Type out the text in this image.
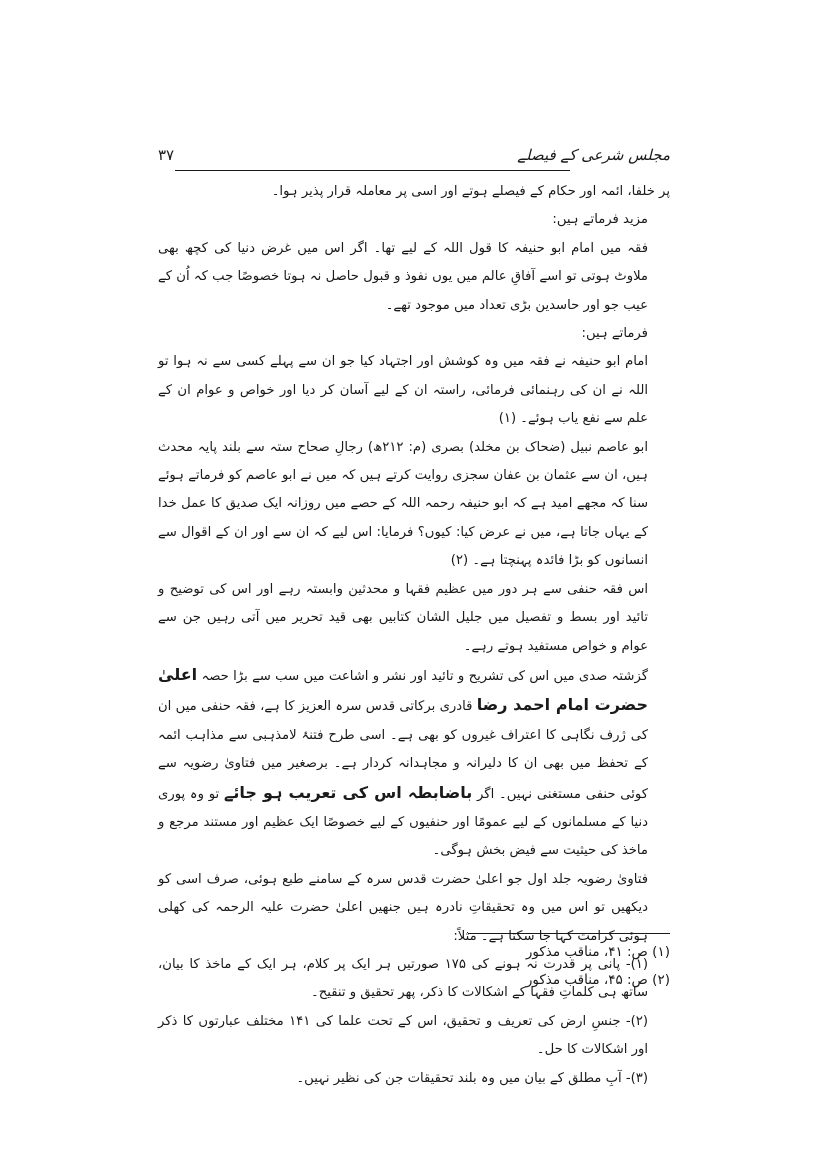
مجلس شرعی کے فیصلے
۳۷

پر خلفا، ائمہ اور حکام کے فیصلے ہوتے اور اسی پر معاملہ قرار پذیر ہوا۔

مزید فرماتے ہیں:

فقہ میں امام ابو حنیفہ کا قول اللہ کے لیے تھا۔ اگر اس میں غرض دنیا کی کچھ بھی ملاوٹ ہوتی تو اسے آفاقِ عالم میں یوں نفوذ و قبول حاصل نہ ہوتا خصوصًا جب کہ اُن کے عیب جو اور حاسدین بڑی تعداد میں موجود تھے۔

فرماتے ہیں:

امام ابو حنیفہ نے فقہ میں وہ کوشش اور اجتہاد کیا جو ان سے پہلے کسی سے نہ ہوا تو اللہ نے ان کی رہنمائی فرمائی، راستہ ان کے لیے آسان کر دیا اور خواص و عوام ان کے علم سے نفع یاب ہوئے۔ (۱)

ابو عاصم نبیل (ضحاک بن مخلد) بصری (م: ۲۱۲ھ) رجالِ صحاح ستہ سے بلند پایہ محدث ہیں، ان سے عثمان بن عفان سجزی روایت کرتے ہیں کہ میں نے ابو عاصم کو فرماتے ہوئے سنا کہ مجھے امید ہے کہ ابو حنیفہ رحمہ اللہ کے حصے میں روزانہ ایک صدیق کا عمل خدا کے یہاں جاتا ہے، میں نے عرض کیا: کیوں؟ فرمایا: اس لیے کہ ان سے اور ان کے اقوال سے انسانوں کو بڑا فائدہ پہنچتا ہے۔ (۲)

اس فقہ حنفی سے ہر دور میں عظیم فقہا و محدثین وابستہ رہے اور اس کی توضیح و تائید اور بسط و تفصیل میں جلیل الشان کتابیں بھی قید تحریر میں آتی رہیں جن سے عوام و خواص مستفید ہوتے رہے۔

گزشتہ صدی میں اس کی تشریح و تائید اور نشر و اشاعت میں سب سے بڑا حصہ اعلیٰ حضرت امام احمد رضا قادری برکاتی قدس سرہ العزیز کا ہے، فقہ حنفی میں ان کی ژرف نگاہی کا اعتراف غیروں کو بھی ہے۔ اسی طرح فتنۂ لامذہبی سے مذاہب ائمہ کے تحفظ میں بھی ان کا دلیرانہ و مجاہدانہ کردار ہے۔ برصغیر میں فتاویٰ رضویہ سے کوئی حنفی مستغنی نہیں۔ اگر باضابطہ اس کی تعریب ہو جائے تو وہ پوری دنیا کے مسلمانوں کے لیے عمومًا اور حنفیوں کے لیے خصوصًا ایک عظیم اور مستند مرجع و ماخذ کی حیثیت سے فیض بخش ہوگی۔

فتاویٰ رضویہ جلد اول جو اعلیٰ حضرت قدس سرہ کے سامنے طبع ہوئی، صرف اسی کو دیکھیں تو اس میں وہ تحقیقاتِ نادرہ ہیں جنھیں اعلیٰ حضرت علیہ الرحمہ کی کھلی ہوئی کرامت کہا جا سکتا ہے۔ مثلاً:

(۱)- پانی پر قدرت نہ ہونے کی ۱۷۵ صورتیں ہر ایک پر کلام، ہر ایک کے ماخذ کا بیان، ساتھ ہی کلماتِ فقہا کے اشکالات کا ذکر، پھر تحقیق و تنقیح۔

(۲)- جنسِ ارض کی تعریف و تحقیق، اس کے تحت علما کی ۱۴۱ مختلف عبارتوں کا ذکر اور اشکالات کا حل۔

(۳)- آبِ مطلق کے بیان میں وہ بلند تحقیقات جن کی نظیر نہیں۔

(۱) ص: ۴۱، مناقب مذکور

(۲) ص: ۴۵، مناقب مذکور
